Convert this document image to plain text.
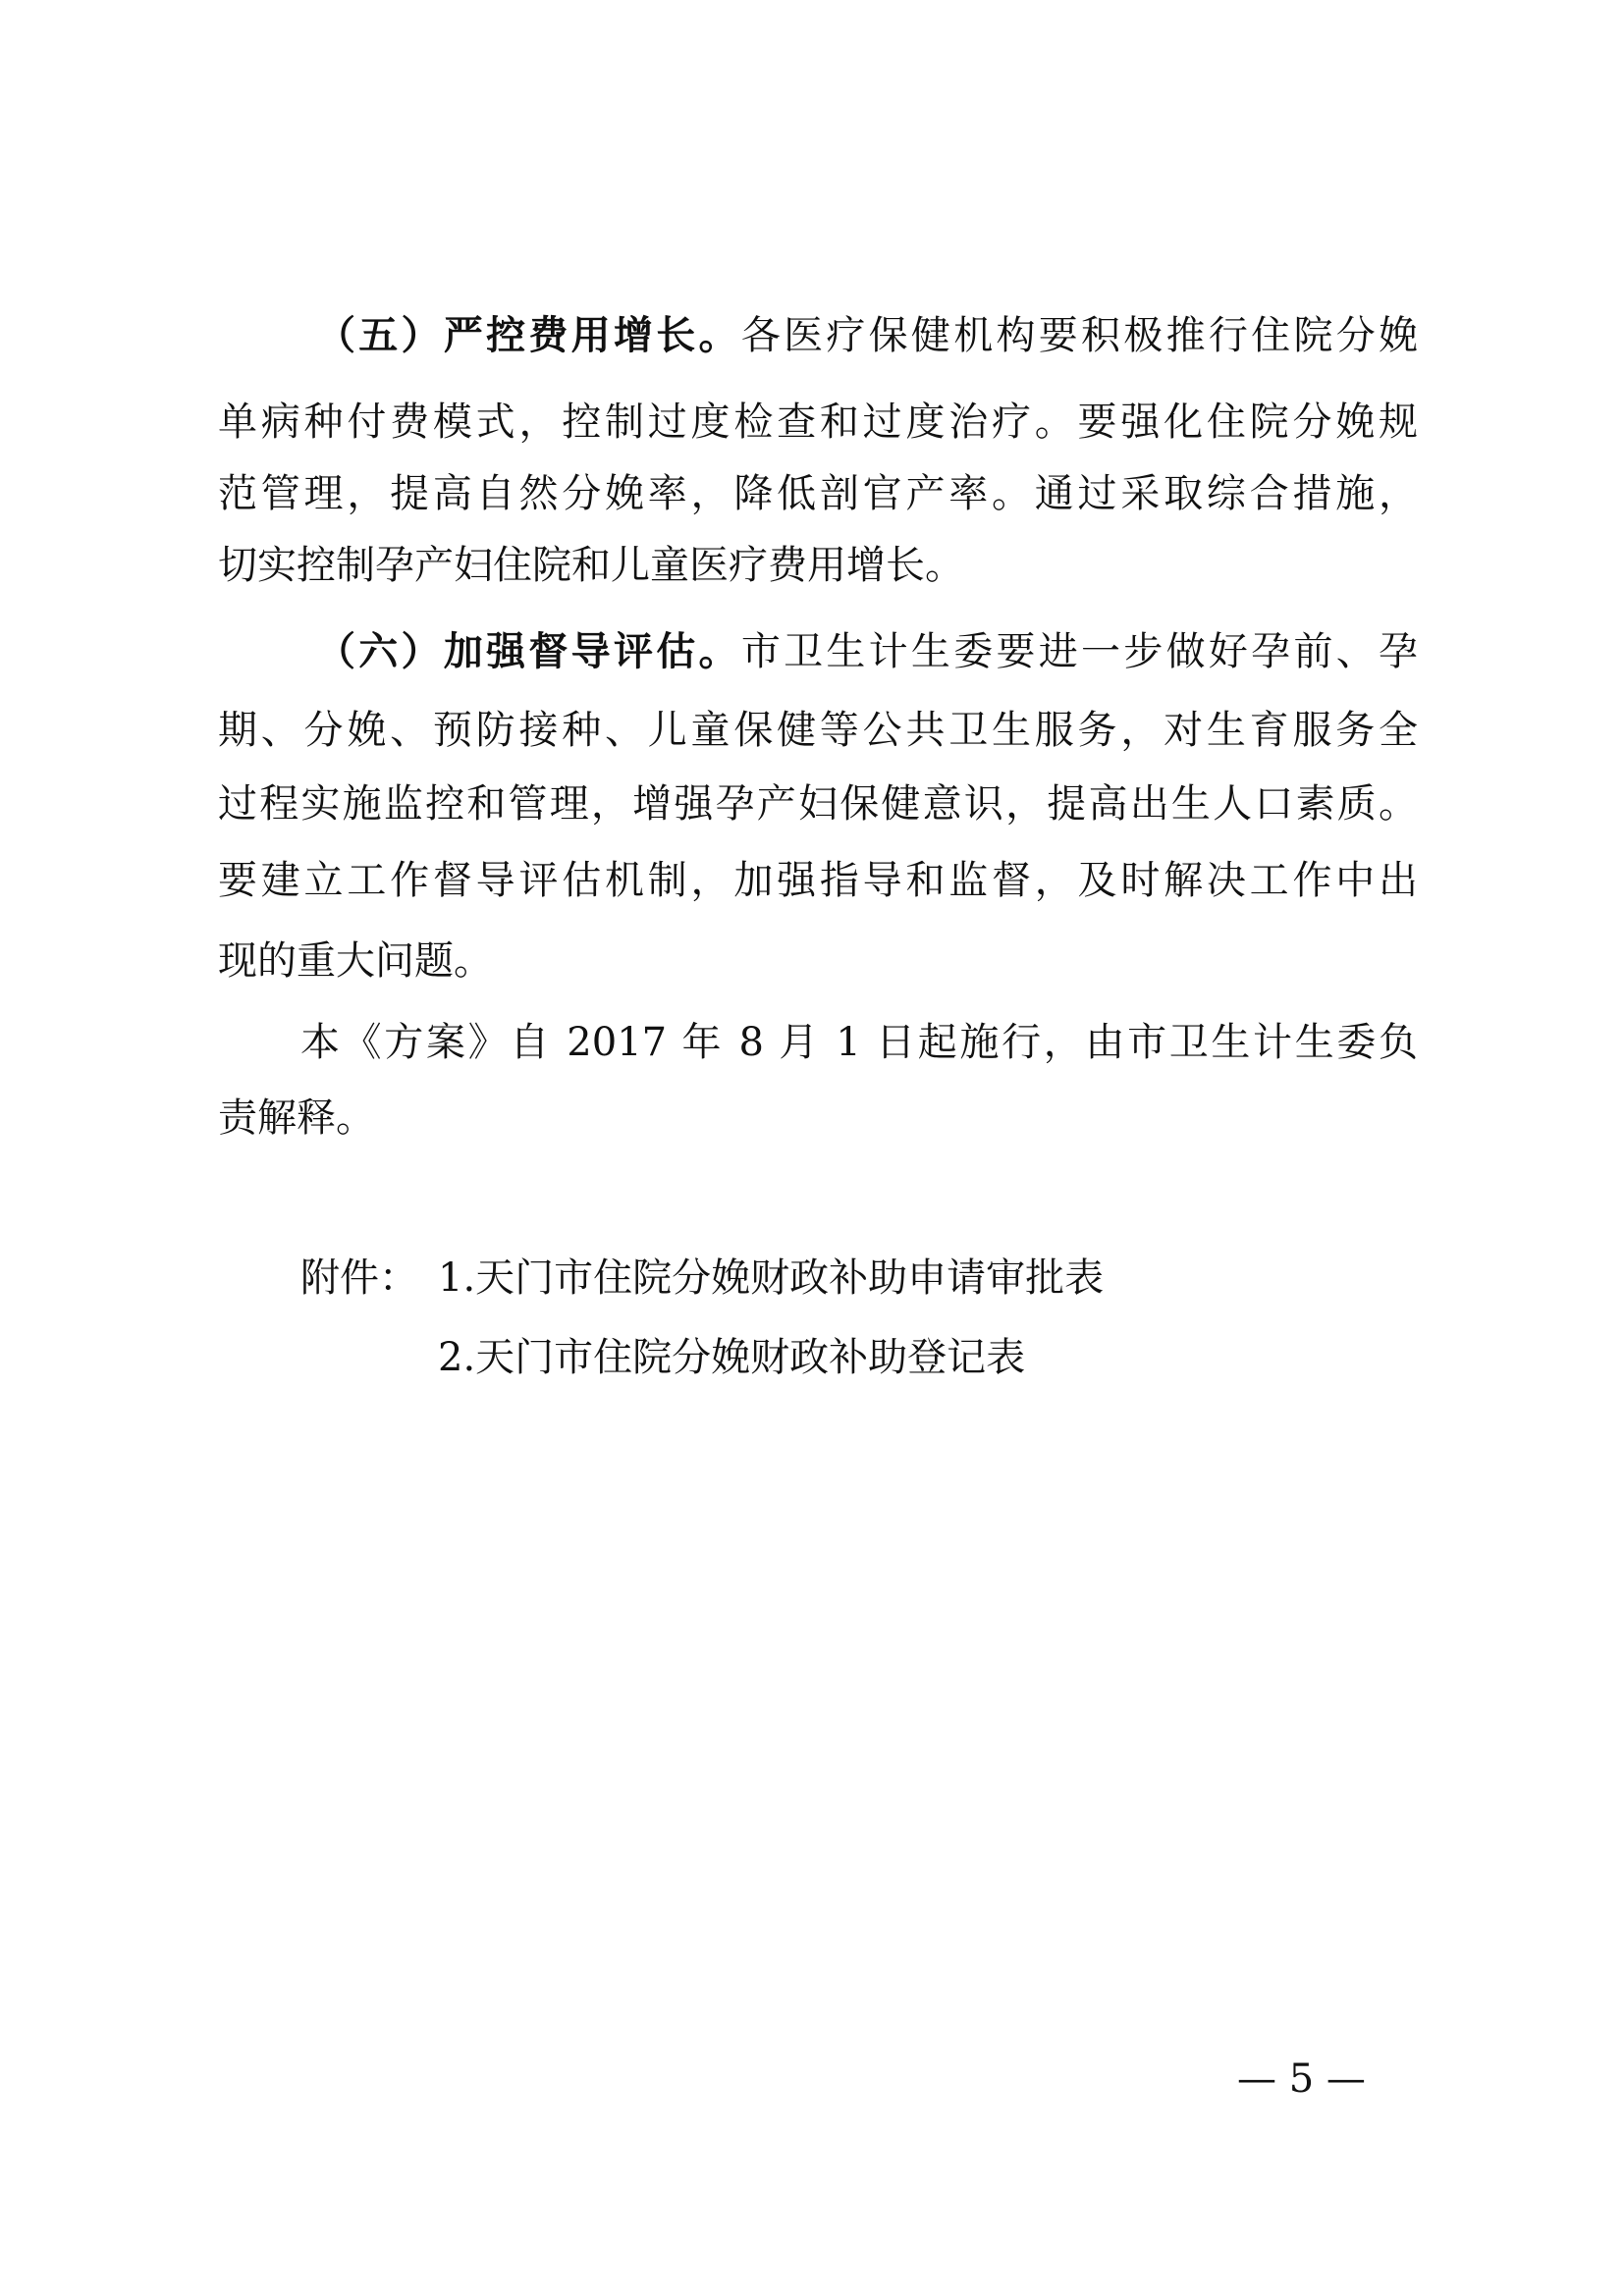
（五）严控费用增长。各医疗保健机构要积极推行住院分娩
单病种付费模式，控制过度检查和过度治疗。要强化住院分娩规
范管理，提高自然分娩率，降低剖官产率。通过采取综合措施，
切实控制孕产妇住院和儿童医疗费用增长。
（六）加强督导评估。市卫生计生委要进一步做好孕前、孕
期、分娩、预防接种、儿童保健等公共卫生服务，对生育服务全
过程实施监控和管理，增强孕产妇保健意识，提高出生人口素质。
要建立工作督导评估机制，加强指导和监督，及时解决工作中出
现的重大问题。
本《方案》自 2017 年 8 月 1 日起施行，由市卫生计生委负
责解释。
附件： 1.天门市住院分娩财政补助申请审批表
2.天门市住院分娩财政补助登记表
— 5 —
